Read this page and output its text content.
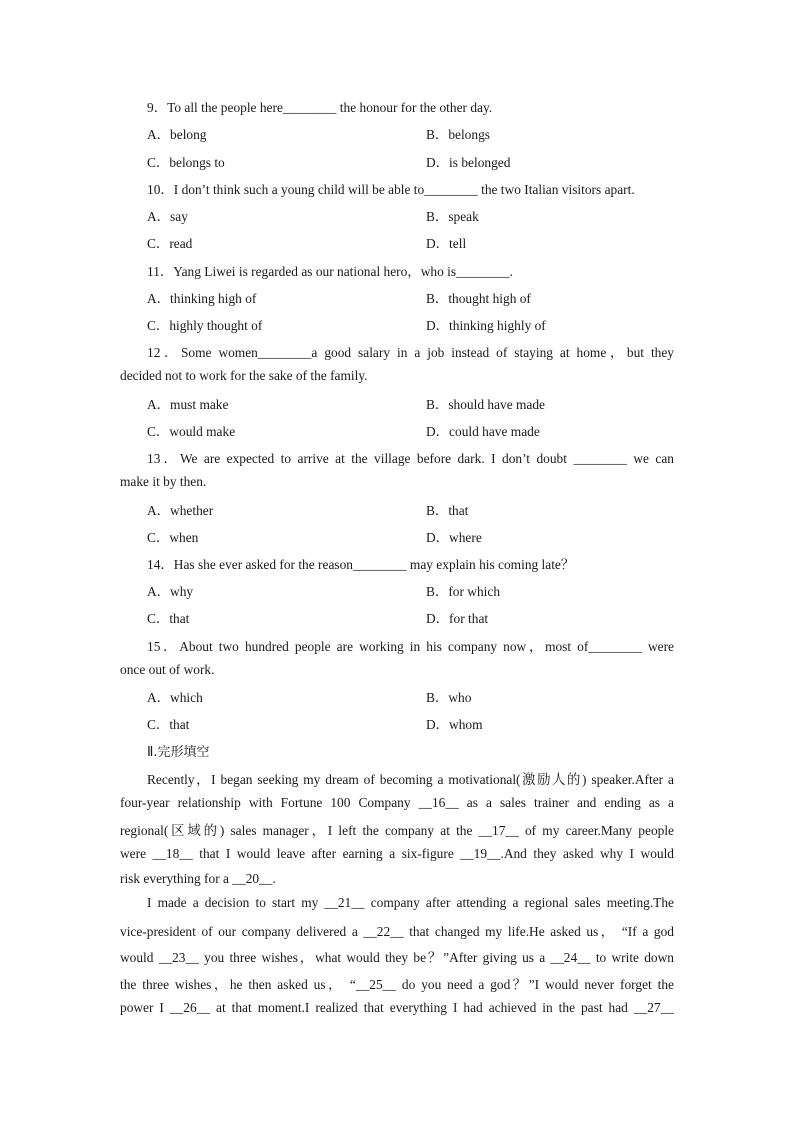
9．To all the people here________ the honour for the other day.
A．belong	B．belongs
C．belongs to	D．is belonged
10．I don’t think such a young child will be able to________ the two Italian visitors apart.
A．say	B．speak
C．read	D．tell
11．Yang Liwei is regarded as our national hero，who is________.
A．thinking high of	B．thought high of
C．highly thought of	D．thinking highly of
12．Some women________a good salary in a job instead of staying at home，but they
decided not to work for the sake of the family.
A．must make	B．should have made
C．would make	D．could have made
13．We are expected to arrive at the village before dark. I don’t doubt ________ we can
make it by then.
A．whether	B．that
C．when	D．where
14．Has she ever asked for the reason________ may explain his coming late？
A．why	B．for which
C．that	D．for that
15．About two hundred people are working in his company now，most of________ were
once out of work.
A．which	B．who
C．that	D．whom
Ⅱ.完形填空
Recently，I began seeking my dream of becoming a motivational(激励人的) speaker.After a
four-year relationship with Fortune 100 Company __16__ as a sales trainer and ending as a
regional(区域的) sales manager，I left the company at the __17__ of my career.Many people
were __18__ that I would leave after earning a six-figure __19__.And they asked why I would
risk everything for a __20__.
I made a decision to start my __21__ company after attending a regional sales meeting.The
vice-president of our company delivered a __22__ that changed my life.He asked us， “If a god
would __23__ you three wishes，what would they be？”After giving us a __24__ to write down
the three wishes，he then asked us， “__25__ do you need a god？”I would never forget the
power I __26__ at that moment.I realized that everything I had achieved in the past had __27__
